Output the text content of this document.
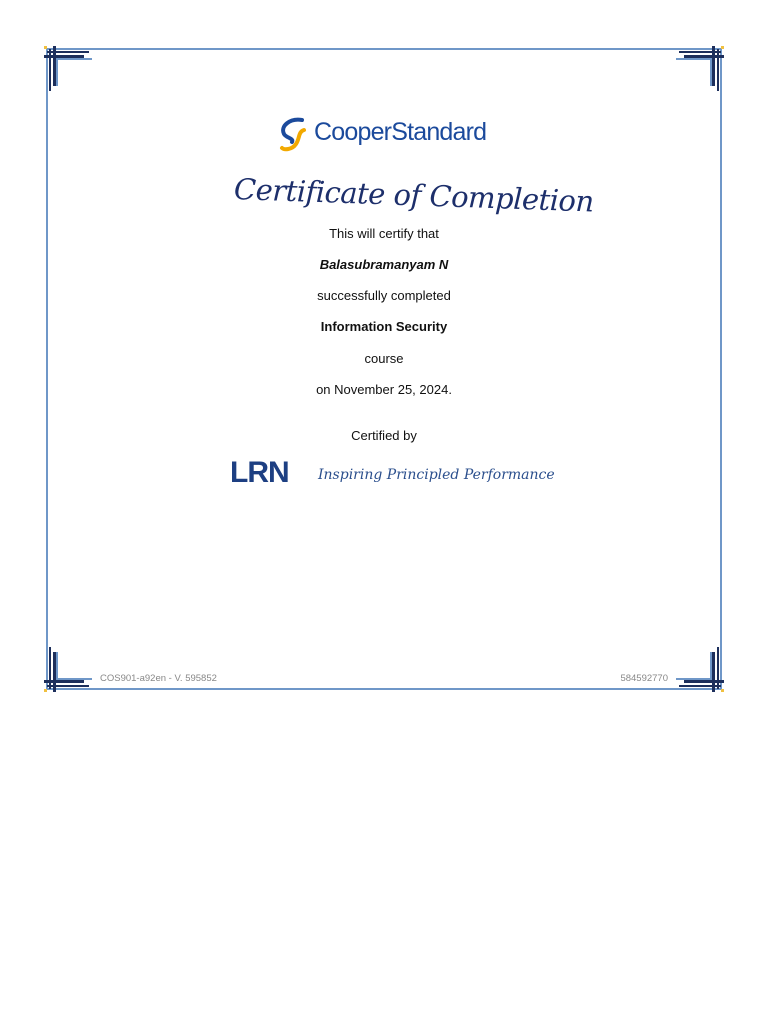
CooperStandard
Certificate of Completion
This will certify that
Balasubramanyam N
successfully completed
Information Security
course
on November 25, 2024.
Certified by
LRN Inspiring Principled Performance
COS901-a92en - V. 595852	584592770
